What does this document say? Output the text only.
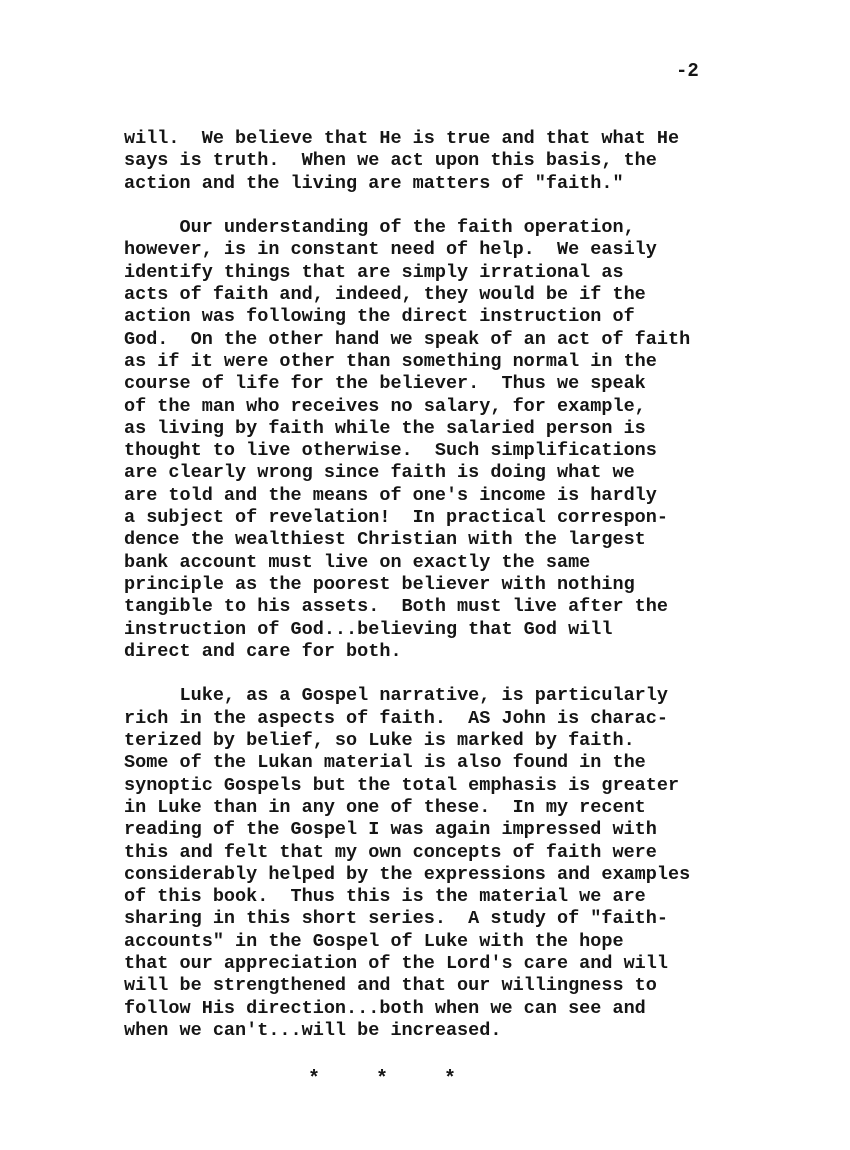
-2
will.  We believe that He is true and that what He
says is truth.  When we act upon this basis, the
action and the living are matters of "faith."
Our understanding of the faith operation,
however, is in constant need of help.  We easily
identify things that are simply irrational as
acts of faith and, indeed, they would be if the
action was following the direct instruction of
God.  On the other hand we speak of an act of faith
as if it were other than something normal in the
course of life for the believer.  Thus we speak
of the man who receives no salary, for example,
as living by faith while the salaried person is
thought to live otherwise.  Such simplifications
are clearly wrong since faith is doing what we
are told and the means of one's income is hardly
a subject of revelation!  In practical correspon-
dence the wealthiest Christian with the largest
bank account must live on exactly the same
principle as the poorest believer with nothing
tangible to his assets.  Both must live after the
instruction of God...believing that God will
direct and care for both.
Luke, as a Gospel narrative, is particularly
rich in the aspects of faith.  AS John is charac-
terized by belief, so Luke is marked by faith.
Some of the Lukan material is also found in the
synoptic Gospels but the total emphasis is greater
in Luke than in any one of these.  In my recent
reading of the Gospel I was again impressed with
this and felt that my own concepts of faith were
considerably helped by the expressions and examples
of this book.  Thus this is the material we are
sharing in this short series.  A study of "faith-
accounts" in the Gospel of Luke with the hope
that our appreciation of the Lord's care and will
will be strengthened and that our willingness to
follow His direction...both when we can see and
when we can't...will be increased.
*	*	*
